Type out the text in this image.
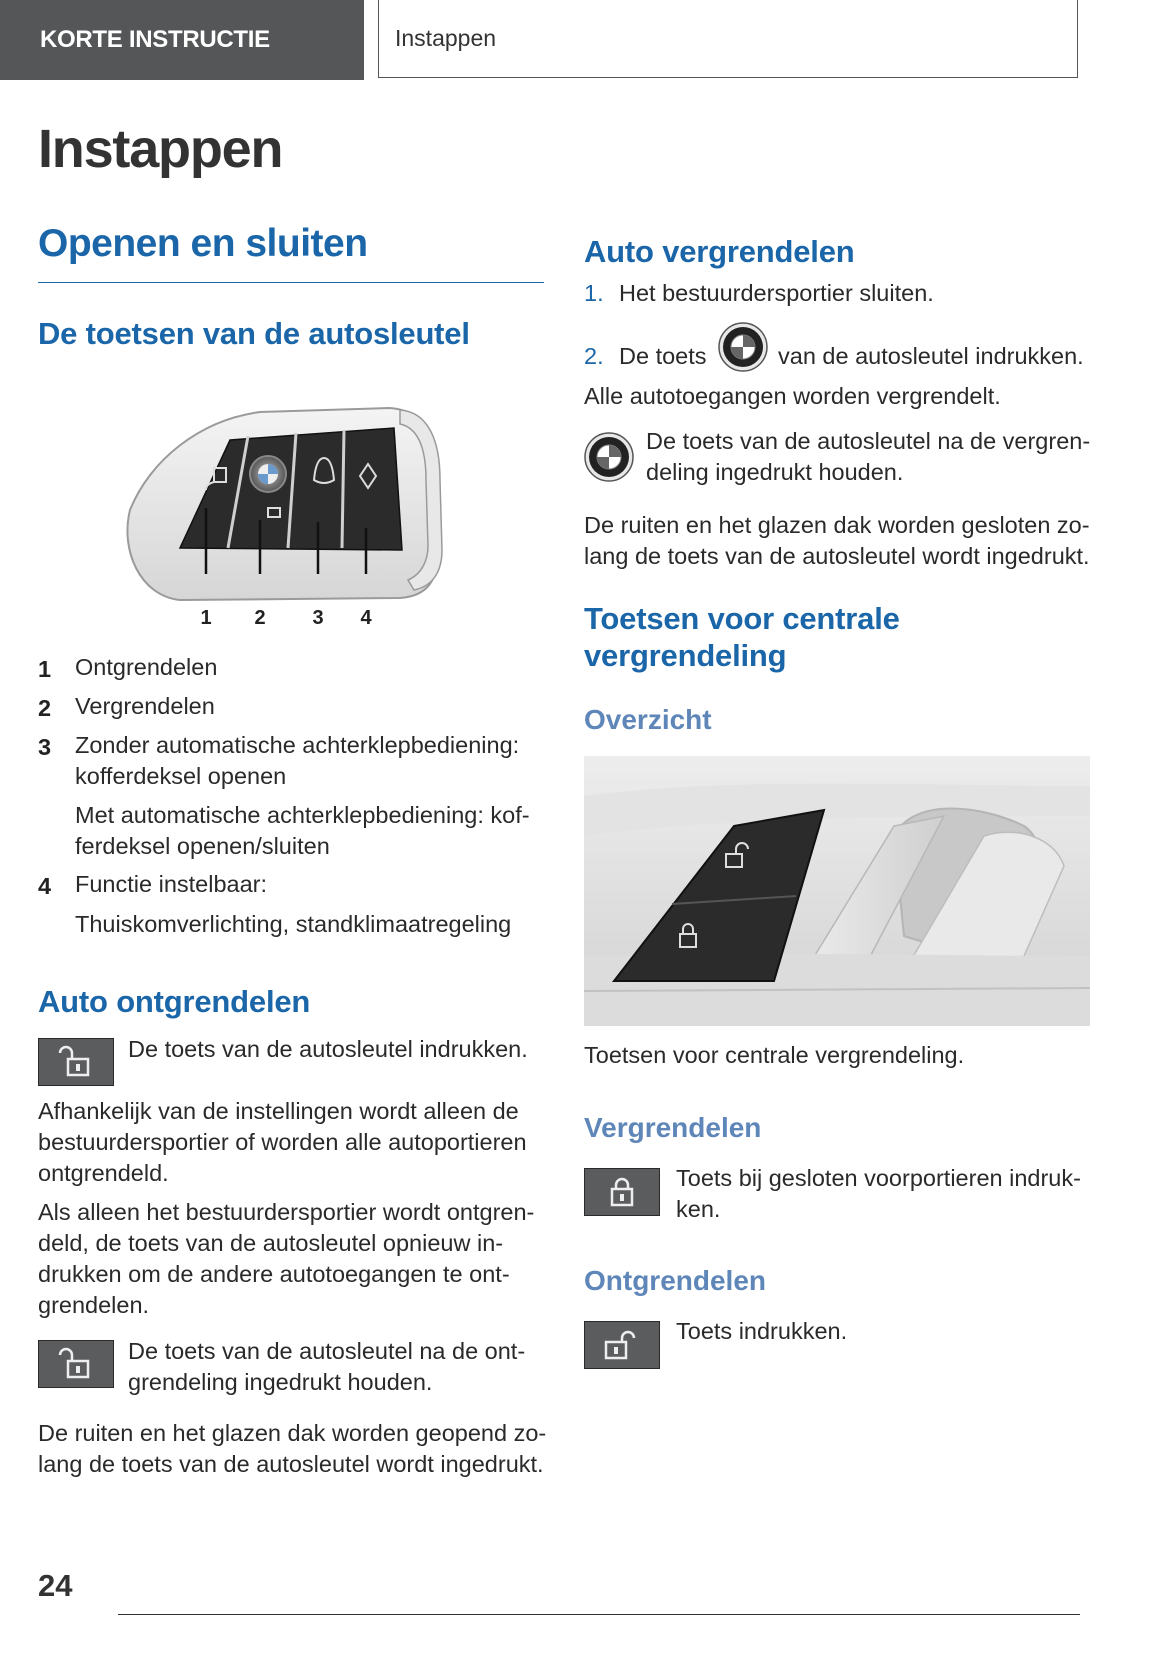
KORTE INSTRUCTIE	Instappen
Instappen
Openen en sluiten
De toetsen van de autosleutel
1 2 3 4
1 Ontgrendelen
2 Vergrendelen
3 Zonder automatische achterklepbediening:
kofferdeksel openen
Met automatische achterklepbediening: kof-
ferdeksel openen/sluiten
4 Functie instelbaar:
Thuiskomverlichting, standklimaatregeling
Auto ontgrendelen
De toets van de autosleutel indrukken.
Afhankelijk van de instellingen wordt alleen de
bestuurdersportier of worden alle autoportieren
ontgrendeld.
Als alleen het bestuurdersportier wordt ontgren-
deld, de toets van de autosleutel opnieuw in-
drukken om de andere autotoegangen te ont-
grendelen.
De toets van de autosleutel na de ont-
grendeling ingedrukt houden.
De ruiten en het glazen dak worden geopend zo-
lang de toets van de autosleutel wordt ingedrukt.
Auto vergrendelen
1. Het bestuurdersportier sluiten.
2. De toets	van de autosleutel indrukken.
Alle autotoegangen worden vergrendelt.
De toets van de autosleutel na de vergren-
deling ingedrukt houden.
De ruiten en het glazen dak worden gesloten zo-
lang de toets van de autosleutel wordt ingedrukt.
Toetsen voor centrale
vergrendeling
Overzicht
Toetsen voor centrale vergrendeling.
Vergrendelen
Toets bij gesloten voorportieren indruk-
ken.
Ontgrendelen
Toets indrukken.
24
